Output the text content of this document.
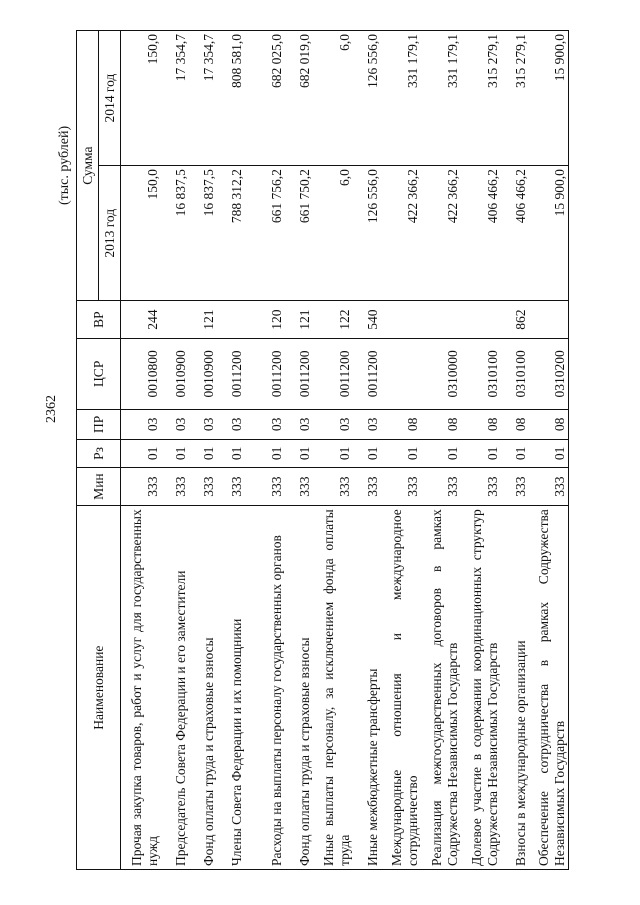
2362
(тыс. рублей)
Наименование	Мин	Рз	ПР	ЦСР	ВР	Сумма	
						2013 год	2014 год
Прочая закупка товаров, работ и услуг для государственных нужд	333	01	03	0010800	244	150,0	150,0
Председатель Совета Федерации и его заместители	333	01	03	0010900		16 837,5	17 354,7
Фонд оплаты труда и страховые взносы	333	01	03	0010900	121	16 837,5	17 354,7
Члены Совета Федерации и их помощники	333	01	03	0011200		788 312,2	808 581,0
Расходы на выплаты персоналу государственных органов	333	01	03	0011200	120	661 756,2	682 025,0
Фонд оплаты труда и страховые взносы	333	01	03	0011200	121	661 750,2	682 019,0
Иные выплаты персоналу, за исключением фонда оплаты труда	333	01	03	0011200	122	6,0	6,0
Иные межбюджетные трансферты	333	01	03	0011200	540	126 556,0	126 556,0
Международные отношения и международное сотрудничество	333	01	08			422 366,2	331 179,1
Реализация межгосударственных договоров в рамках Содружества Независимых Государств	333	01	08	0310000		422 366,2	331 179,1
Долевое участие в содержании координационных структур Содружества Независимых Государств	333	01	08	0310100		406 466,2	315 279,1
Взносы в международные организации	333	01	08	0310100	862	406 466,2	315 279,1
Обеспечение сотрудничества в рамках Содружества Независимых Государств	333	01	08	0310200		15 900,0	15 900,0
